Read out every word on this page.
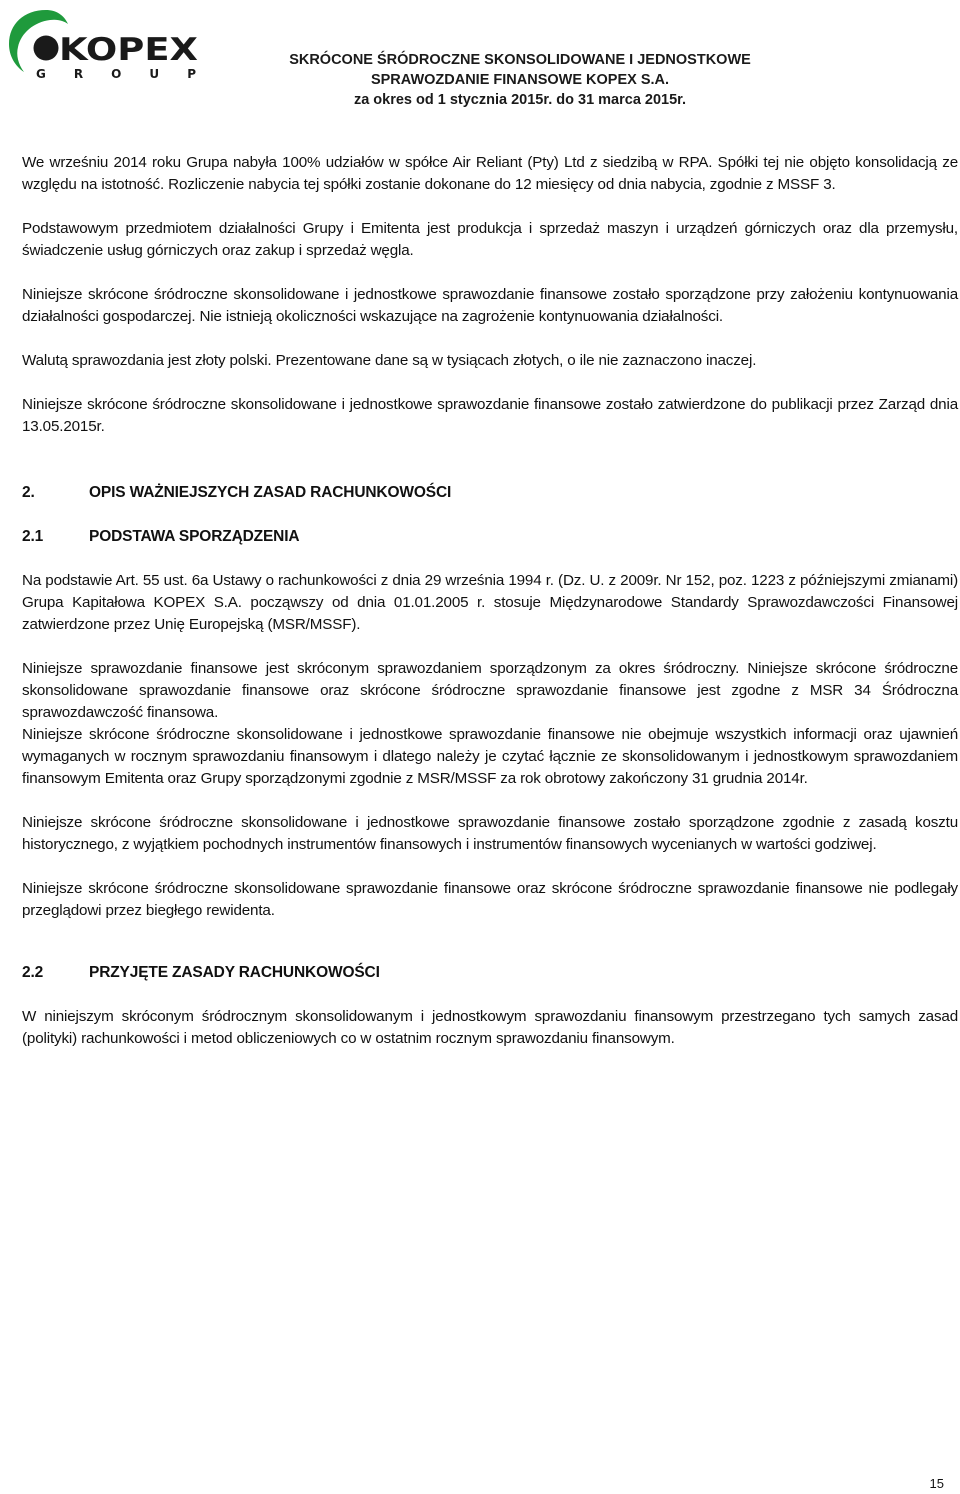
KOPEX
G R O U P
SKRÓCONE ŚRÓDROCZNE SKONSOLIDOWANE I JEDNOSTKOWE
SPRAWOZDANIE FINANSOWE KOPEX S.A.
za okres od 1 stycznia 2015r. do 31 marca 2015r.

We wrześniu 2014 roku Grupa nabyła 100% udziałów w spółce Air Reliant (Pty) Ltd z siedzibą w RPA. Spółki tej nie objęto konsolidacją ze względu na istotność. Rozliczenie nabycia tej spółki zostanie dokonane do 12 miesięcy od dnia nabycia, zgodnie z MSSF 3.

Podstawowym przedmiotem działalności Grupy i Emitenta jest produkcja i sprzedaż maszyn i urządzeń górniczych oraz dla przemysłu, świadczenie usług górniczych oraz zakup i sprzedaż węgla.

Niniejsze skrócone śródroczne skonsolidowane i jednostkowe sprawozdanie finansowe zostało sporządzone przy założeniu kontynuowania działalności gospodarczej. Nie istnieją okoliczności wskazujące na zagrożenie kontynuowania działalności.

Walutą sprawozdania jest złoty polski. Prezentowane dane są w tysiącach złotych, o ile nie zaznaczono inaczej.

Niniejsze skrócone śródroczne skonsolidowane i jednostkowe sprawozdanie finansowe zostało zatwierdzone do publikacji przez Zarząd dnia 13.05.2015r.

2.	OPIS WAŻNIEJSZYCH ZASAD RACHUNKOWOŚCI
2.1	PODSTAWA SPORZĄDZENIA

Na podstawie Art. 55 ust. 6a Ustawy o rachunkowości z dnia 29 września 1994 r. (Dz. U. z 2009r. Nr 152, poz. 1223 z późniejszymi zmianami) Grupa Kapitałowa KOPEX S.A. począwszy od dnia 01.01.2005 r. stosuje Międzynarodowe Standardy Sprawozdawczości Finansowej zatwierdzone przez Unię Europejską (MSR/MSSF).

Niniejsze sprawozdanie finansowe jest skróconym sprawozdaniem sporządzonym za okres śródroczny. Niniejsze skrócone śródroczne skonsolidowane sprawozdanie finansowe oraz skrócone śródroczne sprawozdanie finansowe jest zgodne z MSR 34 Śródroczna sprawozdawczość finansowa.

Niniejsze skrócone śródroczne skonsolidowane i jednostkowe sprawozdanie finansowe nie obejmuje wszystkich informacji oraz ujawnień wymaganych w rocznym sprawozdaniu finansowym i dlatego należy je czytać łącznie ze skonsolidowanym i jednostkowym sprawozdaniem finansowym Emitenta oraz Grupy sporządzonymi zgodnie z MSR/MSSF za rok obrotowy zakończony 31 grudnia 2014r.

Niniejsze skrócone śródroczne skonsolidowane i jednostkowe sprawozdanie finansowe zostało sporządzone zgodnie z zasadą kosztu historycznego, z wyjątkiem pochodnych instrumentów finansowych i instrumentów finansowych wycenianych w wartości godziwej.

Niniejsze skrócone śródroczne skonsolidowane sprawozdanie finansowe oraz skrócone śródroczne sprawozdanie finansowe nie podlegały przeglądowi przez biegłego rewidenta.

2.2	PRZYJĘTE ZASADY RACHUNKOWOŚCI

W niniejszym skróconym śródrocznym skonsolidowanym i jednostkowym sprawozdaniu finansowym przestrzegano tych samych zasad (polityki) rachunkowości i metod obliczeniowych co w ostatnim rocznym sprawozdaniu finansowym.

15
